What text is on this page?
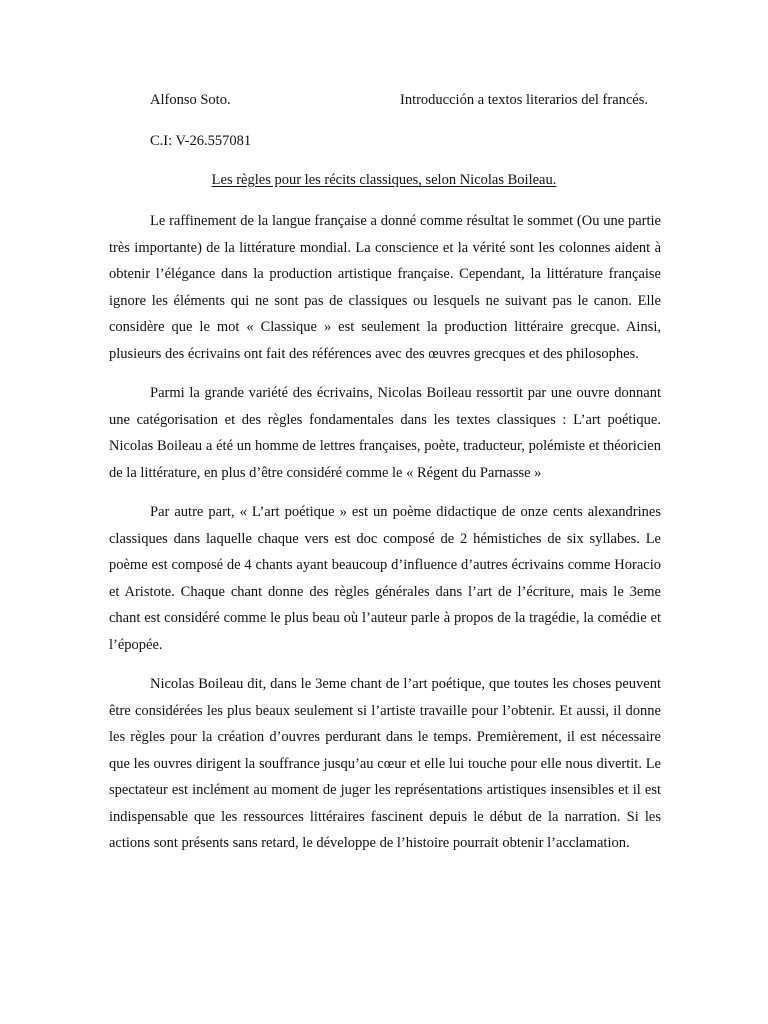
Alfonso Soto.	Introducción a textos literarios del francés.
C.I: V-26.557081
Les règles pour les récits classiques, selon Nicolas Boileau.

Le raffinement de la langue française a donné comme résultat le sommet (Ou une partie très importante) de la littérature mondial. La conscience et la vérité sont les colonnes aident à obtenir l’élégance dans la production artistique française. Cependant, la littérature française ignore les éléments qui ne sont pas de classiques ou lesquels ne suivant pas le canon. Elle considère que le mot « Classique » est seulement la production littéraire grecque. Ainsi, plusieurs des écrivains ont fait des références avec des œuvres grecques et des philosophes.

Parmi la grande variété des écrivains, Nicolas Boileau ressortit par une ouvre donnant une catégorisation et des règles fondamentales dans les textes classiques : L’art poétique. Nicolas Boileau a été un homme de lettres françaises, poète, traducteur, polémiste et théoricien de la littérature, en plus d’être considéré comme le « Régent du Parnasse »

Par autre part, « L’art poétique » est un poème didactique de onze cents alexandrines classiques dans laquelle chaque vers est doc composé de 2 hémistiches de six syllabes. Le poème est composé de 4 chants ayant beaucoup d’influence d’autres écrivains comme Horacio et Aristote. Chaque chant donne des règles générales dans l’art de l’écriture, mais le 3eme chant est considéré comme le plus beau où l’auteur parle à propos de la tragédie, la comédie et l’épopée.

Nicolas Boileau dit, dans le 3eme chant de l’art poétique, que toutes les choses peuvent être considérées les plus beaux seulement si l’artiste travaille pour l’obtenir. Et aussi, il donne les règles pour la création d’ouvres perdurant dans le temps. Premièrement, il est nécessaire que les ouvres dirigent la souffrance jusqu’au cœur et elle lui touche pour elle nous divertit. Le spectateur est inclément au moment de juger les représentations artistiques insensibles et il est indispensable que les ressources littéraires fascinent depuis le début de la narration. Si les actions sont présents sans retard, le développe de l’histoire pourrait obtenir l’acclamation.
